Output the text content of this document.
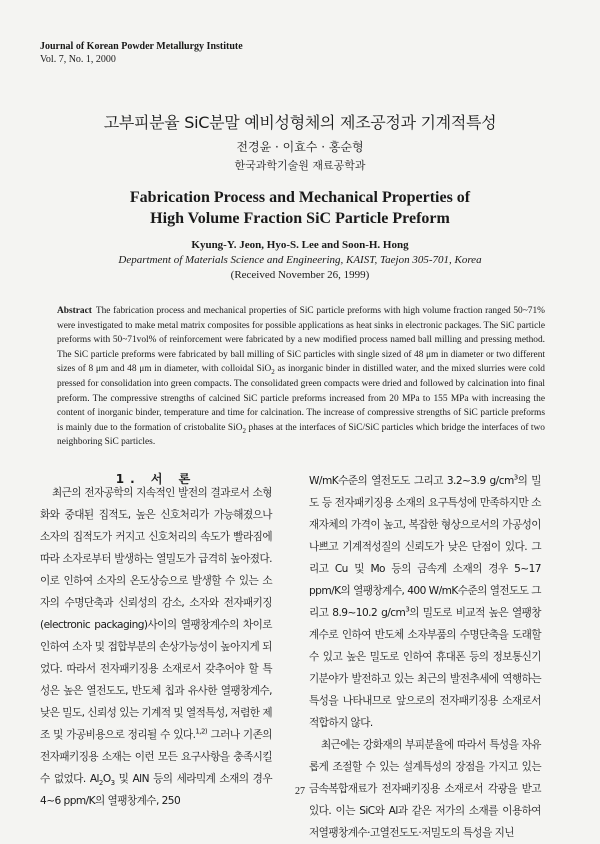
Journal of Korean Powder Metallurgy Institute
Vol. 7, No. 1, 2000
고부피분율 SiC분말 예비성형체의 제조공정과 기계적특성
전경윤 · 이효수 · 홍순형
한국과학기술원 재료공학과
Fabrication Process and Mechanical Properties of
High Volume Fraction SiC Particle Preform
Kyung-Y. Jeon, Hyo-S. Lee and Soon-H. Hong
Department of Materials Science and Engineering, KAIST, Taejon 305-701, Korea
(Received November 26, 1999)
Abstract The fabrication process and mechanical properties of SiC particle preforms with high volume fraction ranged 50~71% were investigated to make metal matrix composites for possible applications as heat sinks in electronic packages. The SiC particle preforms with 50~71vol% of reinforcement were fabricated by a new modified process named ball milling and pressing method. The SiC particle preforms were fabricated by ball milling of SiC particles with single sized of 48 μm in diameter or two different sizes of 8 μm and 48 μm in diameter, with colloidal SiO$_2$ as inorganic binder in distilled water, and the mixed slurries were cold pressed for consolidation into green compacts. The consolidated green compacts were dried and followed by calcination into final preform. The compressive strengths of calcined SiC particle preforms increased from 20 MPa to 155 MPa with increasing the content of inorganic binder, temperature and time for calcination. The increase of compressive strengths of SiC particle preforms is mainly due to the formation of cristobalite SiO$_2$ phases at the interfaces of SiC/SiC particles which bridge the interfaces of two neighboring SiC particles.
1. 서 론

최근의 전자공학의 지속적인 발전의 결과로서 소형화와 중대된 집적도, 높은 신호처리가 가능해졌으나 소자의 집적도가 커지고 신호처리의 속도가 빨라짐에 따라 소자로부터 발생하는 열밀도가 급격히 높아졌다. 이로 인하여 소자의 온도상승으로 발생할 수 있는 소자의 수명단축과 신뢰성의 감소, 소자와 전자패키징(electronic packaging)사이의 열팽창계수의 차이로 인하여 소자 및 접합부분의 손상가능성이 높아지게 되었다. 따라서 전자패키징용 소재로서 갖추어야 할 특성은 높은 열전도도, 반도체 칩과 유사한 열팽창계수, 낮은 밀도, 신뢰성 있는 기계적 및 열적특성, 저렴한 제조 및 가공비용으로 정리될 수 있다.$^{1,2)}$ 그러나 기존의 전자패키징용 소재는 이런 모든 요구사항을 충족시킬 수 없었다. $Al_2O_3$ 및 AlN 등의 세라믹계 소재의 경우 4~6 ppm/K의 열팽창계수, 250

W/mK수준의 열전도도 그리고 3.2~3.9 $g/cm^3$의 밀도 등 전자패키징용 소재의 요구특성에 만족하지만 소재자체의 가격이 높고, 복잡한 형상으로서의 가공성이 나쁘고 기계적성질의 신뢰도가 낮은 단점이 있다. 그리고 Cu 및 Mo 등의 금속계 소재의 경우 5~17 ppm/K의 열팽창계수, 400 W/mK수준의 열전도도 그리고 8.9~10.2 $g/cm^3$의 밀도로 비교적 높은 열팽창계수로 인하여 반도체 소자부품의 수명단축을 도래할 수 있고 높은 밀도로 인하여 휴대폰 등의 정보통신기기분야가 발전하고 있는 최근의 발전추세에 역행하는 특성을 나타내므로 앞으로의 전자패키징용 소재로서 적합하지 않다.

최근에는 강화재의 부피분율에 따라서 특성을 자유롭게 조절할 수 있는 설계특성의 장점을 가지고 있는 금속복합재료가 전자패키징용 소재로서 각광을 받고 있다. 이는 SiC와 Al과 같은 저가의 소재를 이용하여 저열팽창계수·고열전도도·저밀도의 특성을 지닌

27
